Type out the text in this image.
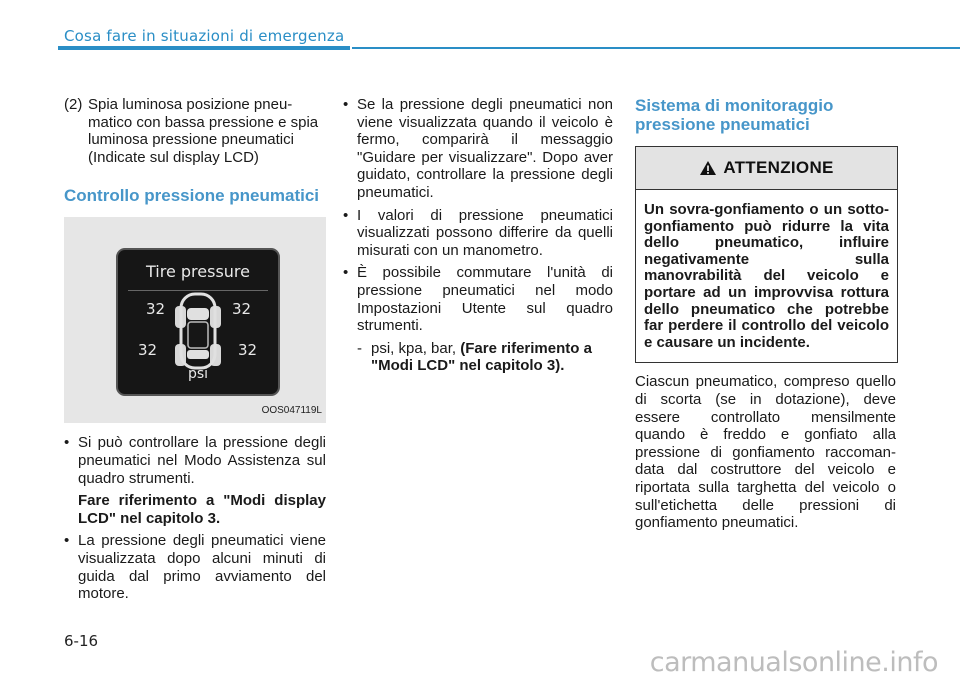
Cosa fare in situazioni di emergenza
(2) Spia luminosa posizione pneu-matico con bassa pressione e spia luminosa pressione pneumatici
(Indicate sul display LCD)
Controllo pressione pneumatici
Tire pressure
32	32
32	32
psi
OOS047119L
• Si può controllare la pressione degli pneumatici nel Modo Assistenza sul quadro strumenti.
Fare riferimento a "Modi display LCD" nel capitolo 3.
• La pressione degli pneumatici viene visualizzata dopo alcuni minuti di guida dal primo avviamento del motore.
• Se la pressione degli pneumatici non viene visualizzata quando il veicolo è fermo, comparirà il messaggio "Guidare per visualizzare". Dopo aver guidato, controllare la pressione degli pneumatici.
• I valori di pressione pneumatici visualizzati possono differire da quelli misurati con un manometro.
• È possibile commutare l'unità di pressione pneumatici nel modo Impostazioni Utente sul quadro strumenti.
- psi, kpa, bar, (Fare riferimento a "Modi LCD" nel capitolo 3).
Sistema di monitoraggio pressione pneumatici
ATTENZIONE
Un sovra-gonfiamento o un sotto-gonfiamento può ridurre la vita dello pneumatico, influire negativamente sulla manovrabilità del veicolo e portare ad un improvvisa rottura dello pneumatico che potrebbe far perdere il controllo del veicolo e causare un incidente.
Ciascun pneumatico, compreso quello di scorta (se in dotazione), deve essere controllato mensilmente quando è freddo e gonfiato alla pressione di gonfiamento raccoman-data dal costruttore del veicolo e riportata sulla targhetta del veicolo o sull'etichetta delle pressioni di gonfiamento pneumatici.
6-16
carmanualsonline.info
